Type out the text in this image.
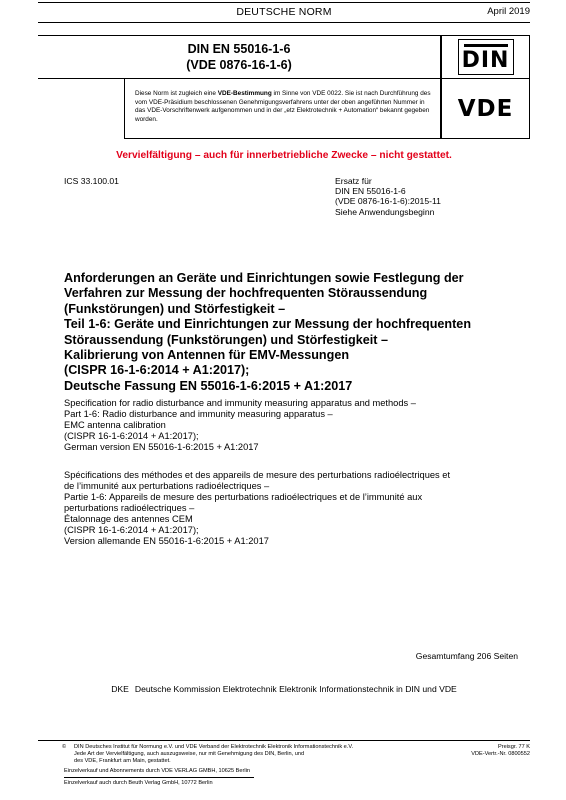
DEUTSCHE NORM	April 2019
DIN EN 55016-1-6
(VDE 0876-16-1-6)	DIN
Diese Norm ist zugleich eine VDE-Bestimmung im Sinne von VDE 0022. Sie ist nach Durchführung des vom VDE-Präsidium beschlossenen Genehmigungsverfahrens unter der oben angeführten Nummer in das VDE-Vorschriftenwerk aufgenommen und in der „etz Elektrotechnik + Automation“ bekannt gegeben worden.	VDE
Vervielfältigung – auch für innerbetriebliche Zwecke – nicht gestattet.
ICS 33.100.01	Ersatz für
DIN EN 55016-1-6
(VDE 0876-16-1-6):2015-11
Siehe Anwendungsbeginn
Anforderungen an Geräte und Einrichtungen sowie Festlegung der
Verfahren zur Messung der hochfrequenten Störaussendung
(Funkstörungen) und Störfestigkeit –
Teil 1-6: Geräte und Einrichtungen zur Messung der hochfrequenten
Störaussendung (Funkstörungen) und Störfestigkeit –
Kalibrierung von Antennen für EMV-Messungen
(CISPR 16-1-6:2014 + A1:2017);
Deutsche Fassung EN 55016-1-6:2015 + A1:2017
Specification for radio disturbance and immunity measuring apparatus and methods –
Part 1-6: Radio disturbance and immunity measuring apparatus –
EMC antenna calibration
(CISPR 16-1-6:2014 + A1:2017);
German version EN 55016-1-6:2015 + A1:2017
Spécifications des méthodes et des appareils de mesure des perturbations radioélectriques et
de l’immunité aux perturbations radioélectriques –
Partie 1-6: Appareils de mesure des perturbations radioélectriques et de l’immunité aux
perturbations radioélectriques –
Étalonnage des antennes CEM
(CISPR 16-1-6:2014 + A1:2017);
Version allemande EN 55016-1-6:2015 + A1:2017
Gesamtumfang 206 Seiten
DKE Deutsche Kommission Elektrotechnik Elektronik Informationstechnik in DIN und VDE
© DIN Deutsches Institut für Normung e.V. und VDE Verband der Elektrotechnik Elektronik Informationstechnik e.V.
Jede Art der Vervielfältigung, auch auszugsweise, nur mit Genehmigung des DIN, Berlin, und
des VDE, Frankfurt am Main, gestattet.
Preisgr. 77 K
VDE-Vertr.-Nr. 0800552
Einzelverkauf und Abonnements durch VDE VERLAG GMBH, 10625 Berlin
Einzelverkauf auch durch Beuth Verlag GmbH, 10772 Berlin
